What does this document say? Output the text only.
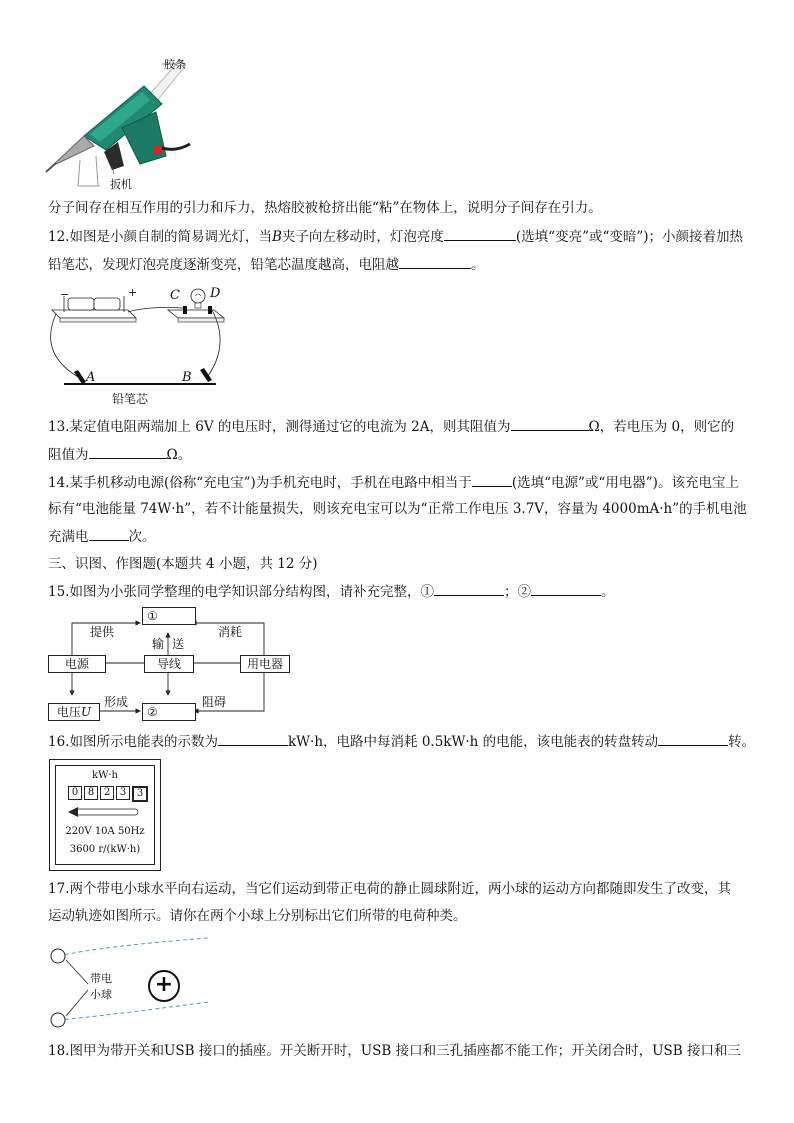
胶条
扳机
分子间存在相互作用的引力和斥力，热熔胶被枪挤出能“粘”在物体上，说明分子间存在引力。
12.如图是小颜自制的简易调光灯，当B夹子向左移动时，灯泡亮度	(选填“变亮”或“变暗”)；小颜接着加热
铅笔芯，发现灯泡亮度逐渐变亮，铅笔芯温度越高，电阻越	。
−	+	C D
A	B
铅笔芯
13.某定值电阻两端加上 6V 的电压时，测得通过它的电流为 2A，则其阻值为	Ω，若电压为 0，则它的
阻值为	Ω。
14.某手机移动电源(俗称“充电宝”)为手机充电时，手机在电路中相当于	(选填“电源”或“用电器”)。该充电宝上
标有“电池能量 74W·h”，若不计能量损失，则该充电宝可以为“正常工作电压 3.7V，容量为 4000mA·h”的手机电池
充满电	次。
三、识图、作图题(本题共 4 小题，共 12 分)
15.如图为小张同学整理的电学知识部分结构图，请补充完整，①	；②	。
①
电源	导线	用电器
电压U	②
提供	消耗
输 送
形成	阻碍
16.如图所示电能表的示数为	kW·h，电路中每消耗 0.5kW·h 的电能，该电能表的转盘转动	转。
kW·h
0 8 2 3	3
220V 10A 50Hz
3600 r/(kW·h)
17.两个带电小球水平向右运动，当它们运动到带正电荷的静止圆球附近，两小球的运动方向都随即发生了改变，其
运动轨迹如图所示。请你在两个小球上分别标出它们所带的电荷种类。
带电
小球 +
18.图甲为带开关和USB 接口的插座。开关断开时，USB 接口和三孔插座都不能工作；开关闭合时，USB 接口和三
